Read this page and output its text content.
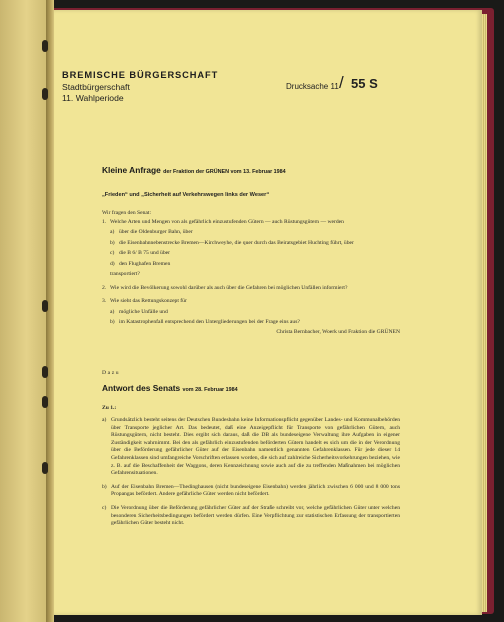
BREMISCHE BÜRGERSCHAFT
Stadtbürgerschaft
11. Wahlperiode
Drucksache 11 / 55 S
Kleine Anfrage der Fraktion der GRÜNEN vom 13. Februar 1984
„Frieden“ und „Sicherheit auf Verkehrswegen links der Weser“
Wir fragen den Senat:
1. Welche Arten und Mengen von als gefährlich einzustufenden Gütern — auch Rüstungsgütern — werden
a) über die Oldenburger Bahn, über
b) die Eisenbahnnebenstrecke Bremen—Kirchweyhe, die quer durch das Beiratsgebiet Huchting führt, über
c) die B 6/ B 75 und über
d) den Flughafen Bremen
transportiert?
2. Wie wird die Bevölkerung sowohl darüber als auch über die Gefahren bei möglichen Unfällen informiert?
3. Wie sieht das Rettungskonzept für
a) mögliche Unfälle und
b) im Katastrophenfall entsprechend den Untergliederungen bei der Frage eins aus?
Christa Bernbacher, Woerk und Fraktion die GRÜNEN
Dazu
Antwort des Senats vom 28. Februar 1984
Zu 1.:
a) Grundsätzlich besteht seitens der Deutschen Bundesbahn keine Informationspflicht gegenüber Landes- und Kommunalbehörden über Transporte jeglicher Art. Das bedeutet, daß eine Anzeigepflicht für Transporte von gefährlichen Gütern, auch Rüstungsgütern, nicht besteht. Dies ergibt sich daraus, daß die DB als bundeseigene Verwaltung ihre Aufgaben in eigener Zuständigkeit wahrnimmt. Bei den als gefährlich einzustufenden beförderten Gütern handelt es sich um die in der Verordnung über die Beförderung gefährlicher Güter auf der Eisenbahn namentlich genannten Gefahrenklassen. Für jede dieser 14 Gefahrenklassen sind umfangreiche Vorschriften erlassen worden, die sich auf zahlreiche Sicherheitsvorkehrungen beziehen, wie z. B. auf die Beschaffenheit der Waggons, deren Kennzeichnung sowie auch auf die zu treffenden Maßnahmen bei möglichen Gefahrensituationen.
b) Auf der Eisenbahn Bremen—Thedinghausen (nicht bundeseigene Eisenbahn) werden jährlich zwischen 6 000 und 8 000 tons Propangas befördert. Andere gefährliche Güter werden nicht befördert.
c) Die Verordnung über die Beförderung gefährlicher Güter auf der Straße schreibt vor, welche gefährlichen Güter unter welchen besonderen Sicherheitsbedingungen befördert werden dürfen. Eine Verpflichtung zur statistischen Erfassung der transportierten gefährlichen Güter besteht nicht.
